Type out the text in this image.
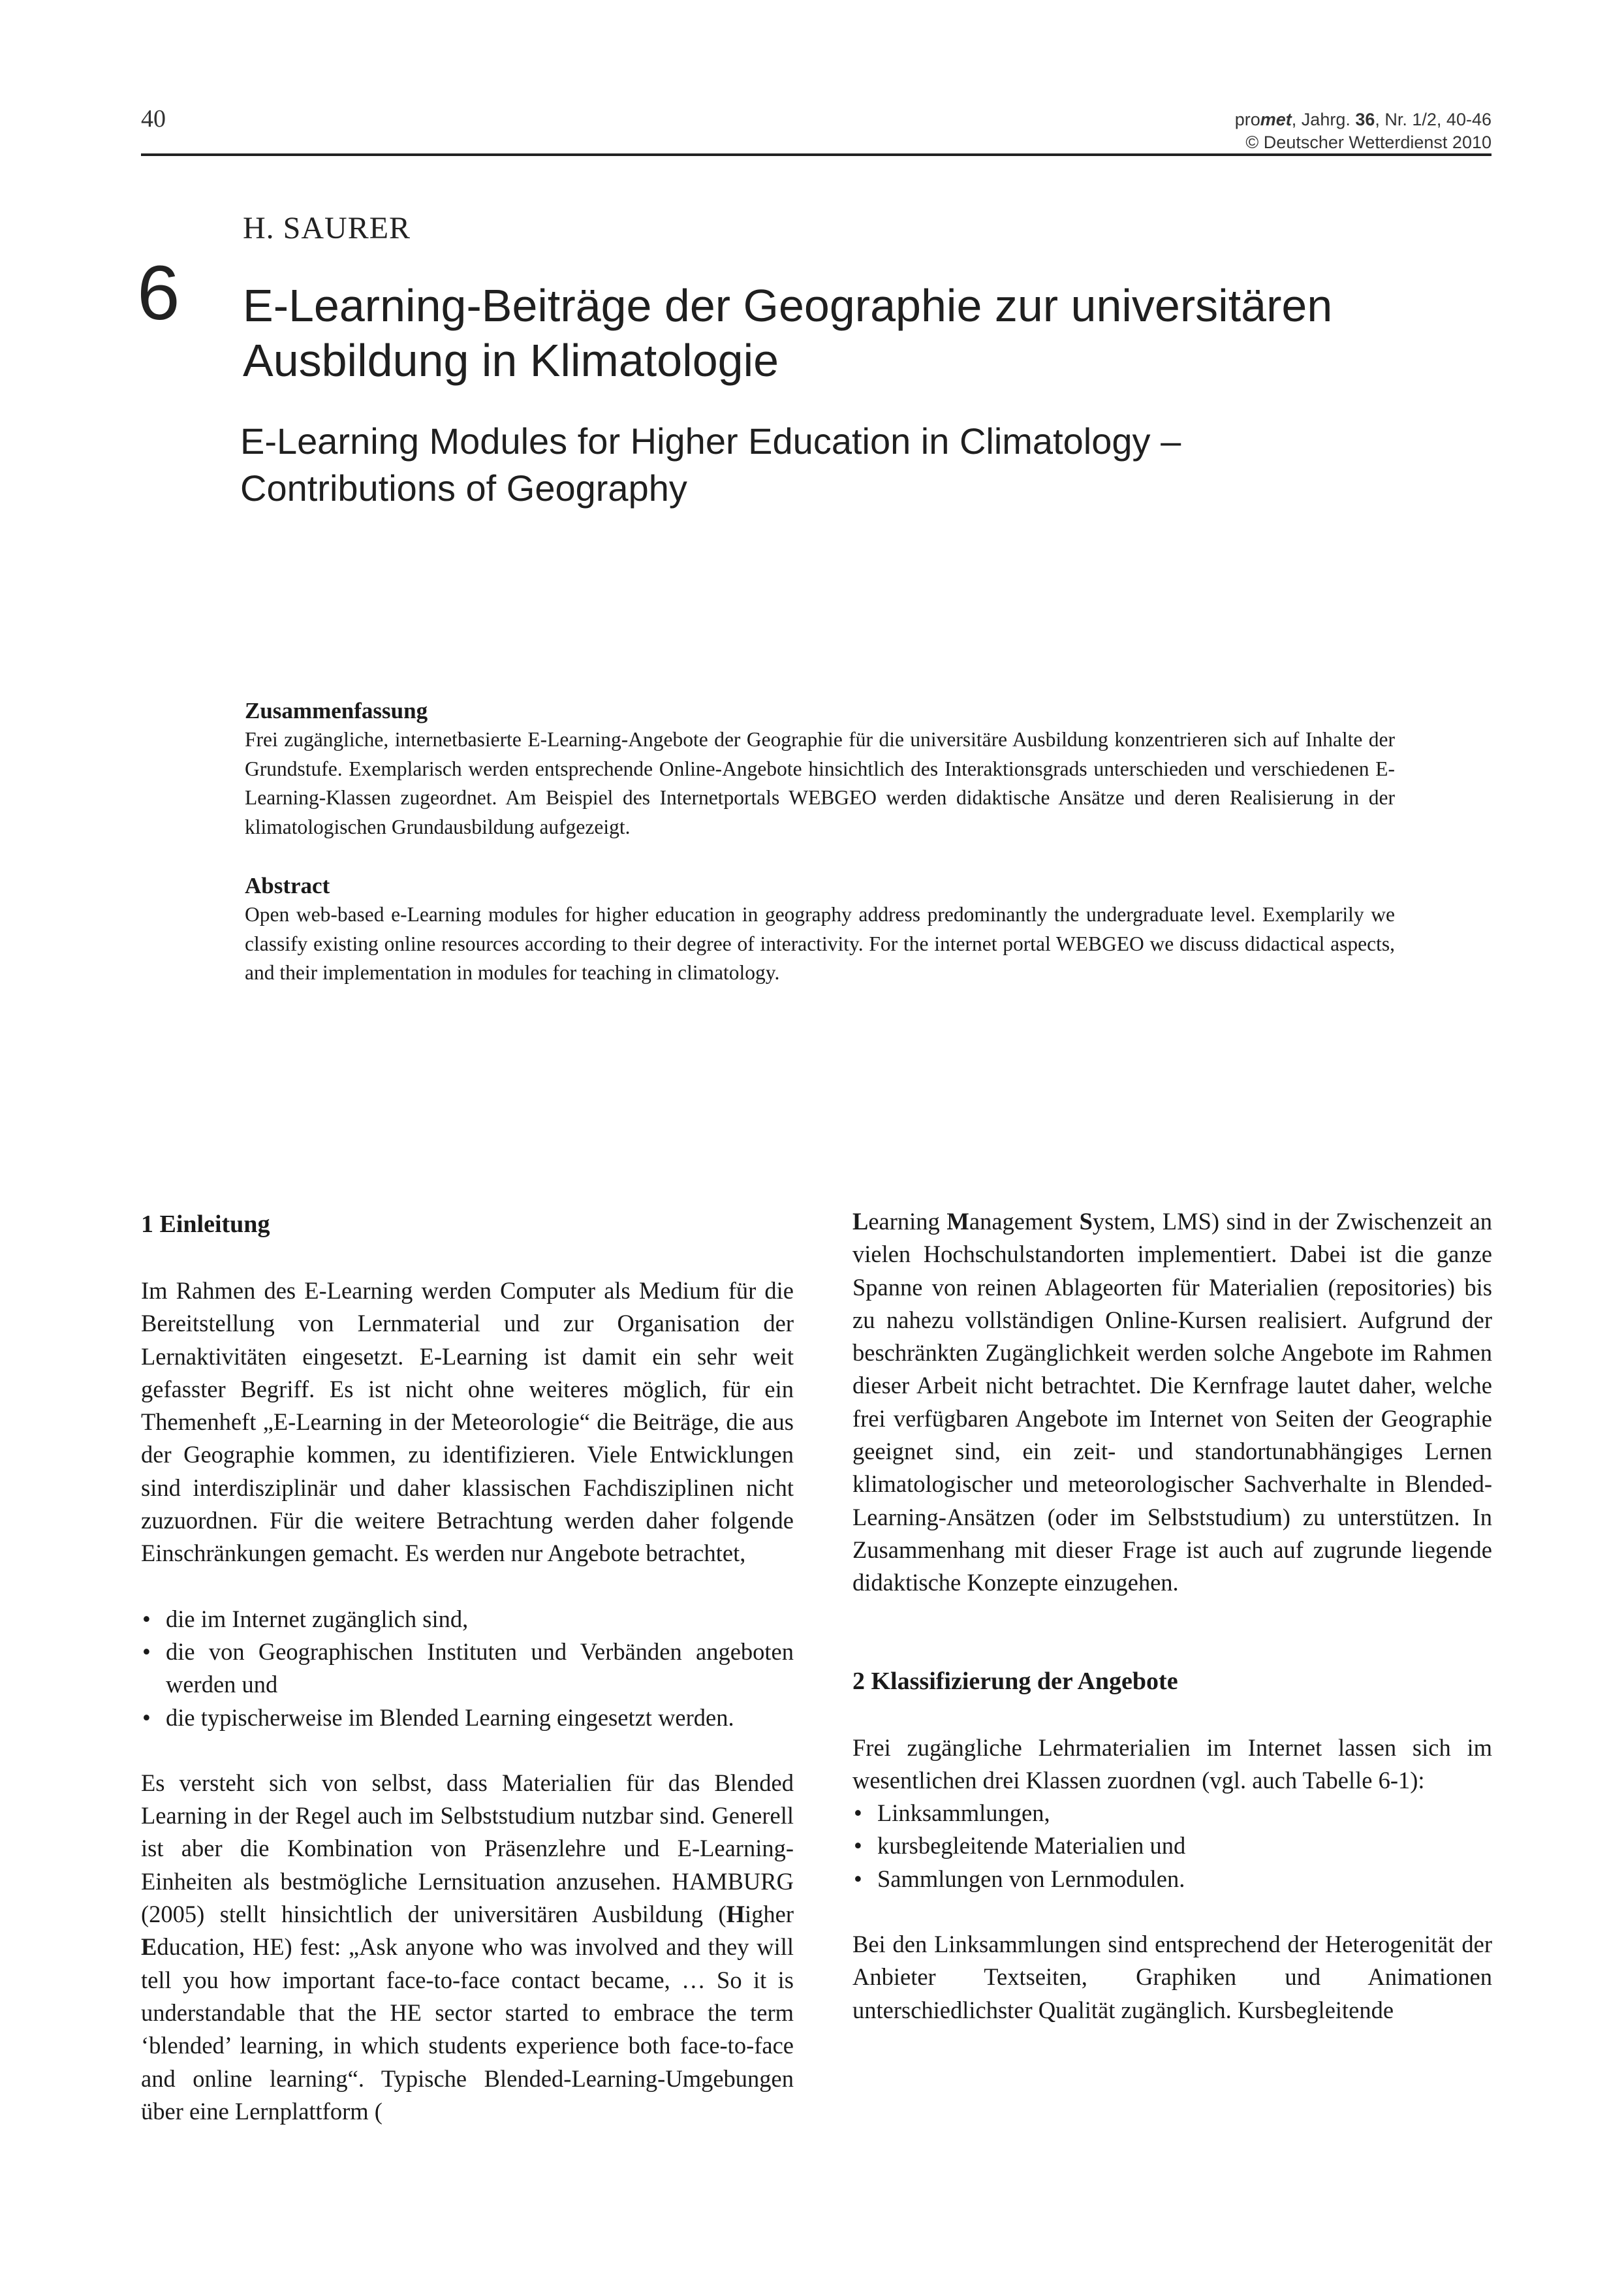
40	promet, Jahrg. 36, Nr. 1/2, 40-46
© Deutscher Wetterdienst 2010
H. SAURER
6 E-Learning-Beiträge der Geographie zur universitären
Ausbildung in Klimatologie
E-Learning Modules for Higher Education in Climatology –
Contributions of Geography
Zusammenfassung
Frei zugängliche, internetbasierte E-Learning-Angebote der Geographie für die universitäre Ausbildung konzentrieren sich auf Inhalte der Grundstufe. Exemplarisch werden entsprechende Online-Angebote hinsichtlich des Interaktionsgrads unterschieden und verschiedenen E-Learning-Klassen zugeordnet. Am Beispiel des Internetportals WEBGEO werden didaktische Ansätze und deren Realisierung in der klimatologischen Grundausbildung aufgezeigt.
Abstract
Open web-based e-Learning modules for higher education in geography address predominantly the undergraduate level. Exemplarily we classify existing online resources according to their degree of interactivity. For the internet portal WEBGEO we discuss didactical aspects, and their implementation in modules for teaching in climatology.
1 Einleitung

Im Rahmen des E-Learning werden Computer als Medium für die Bereitstellung von Lernmaterial und zur Organisation der Lernaktivitäten eingesetzt. E-Learning ist damit ein sehr weit gefasster Begriff. Es ist nicht ohne weiteres möglich, für ein Themenheft „E-Learning in der Meteorologie“ die Beiträge, die aus der Geographie kommen, zu identifizieren. Viele Entwicklungen sind interdisziplinär und daher klassischen Fachdisziplinen nicht zuzuordnen. Für die weitere Betrachtung werden daher folgende Einschränkungen gemacht. Es werden nur Angebote betrachtet,

• die im Internet zugänglich sind,
• die von Geographischen Instituten und Verbänden angeboten werden und
• die typischerweise im Blended Learning eingesetzt werden.

Es versteht sich von selbst, dass Materialien für das Blended Learning in der Regel auch im Selbststudium nutzbar sind. Generell ist aber die Kombination von Präsenzlehre und E-Learning-Einheiten als bestmögliche Lernsituation anzusehen. HAMBURG (2005) stellt hinsichtlich der universitären Ausbildung (Higher Education, HE) fest: „Ask anyone who was involved and they will tell you how important face-to-face contact became, … So it is understandable that the HE sector started to embrace the term ‘blended’ learning, in which students experience both face-to-face and online learning“. Typische Blended-Learning-Umgebungen über eine Lernplattform (

Learning Management System, LMS) sind in der Zwischenzeit an vielen Hochschulstandorten implementiert. Dabei ist die ganze Spanne von reinen Ablageorten für Materialien (repositories) bis zu nahezu vollständigen Online-Kursen realisiert. Aufgrund der beschränkten Zugänglichkeit werden solche Angebote im Rahmen dieser Arbeit nicht betrachtet. Die Kernfrage lautet daher, welche frei verfügbaren Angebote im Internet von Seiten der Geographie geeignet sind, ein zeit- und standortunabhängiges Lernen klimatologischer und meteorologischer Sachverhalte in Blended-Learning-Ansätzen (oder im Selbststudium) zu unterstützen. In Zusammenhang mit dieser Frage ist auch auf zugrunde liegende didaktische Konzepte einzugehen.

2 Klassifizierung der Angebote

Frei zugängliche Lehrmaterialien im Internet lassen sich im wesentlichen drei Klassen zuordnen (vgl. auch Tabelle 6-1):

• Linksammlungen,
• kursbegleitende Materialien und
• Sammlungen von Lernmodulen.

Bei den Linksammlungen sind entsprechend der Heterogenität der Anbieter Textseiten, Graphiken und Animationen unterschiedlichster Qualität zugänglich. Kursbegleitende
